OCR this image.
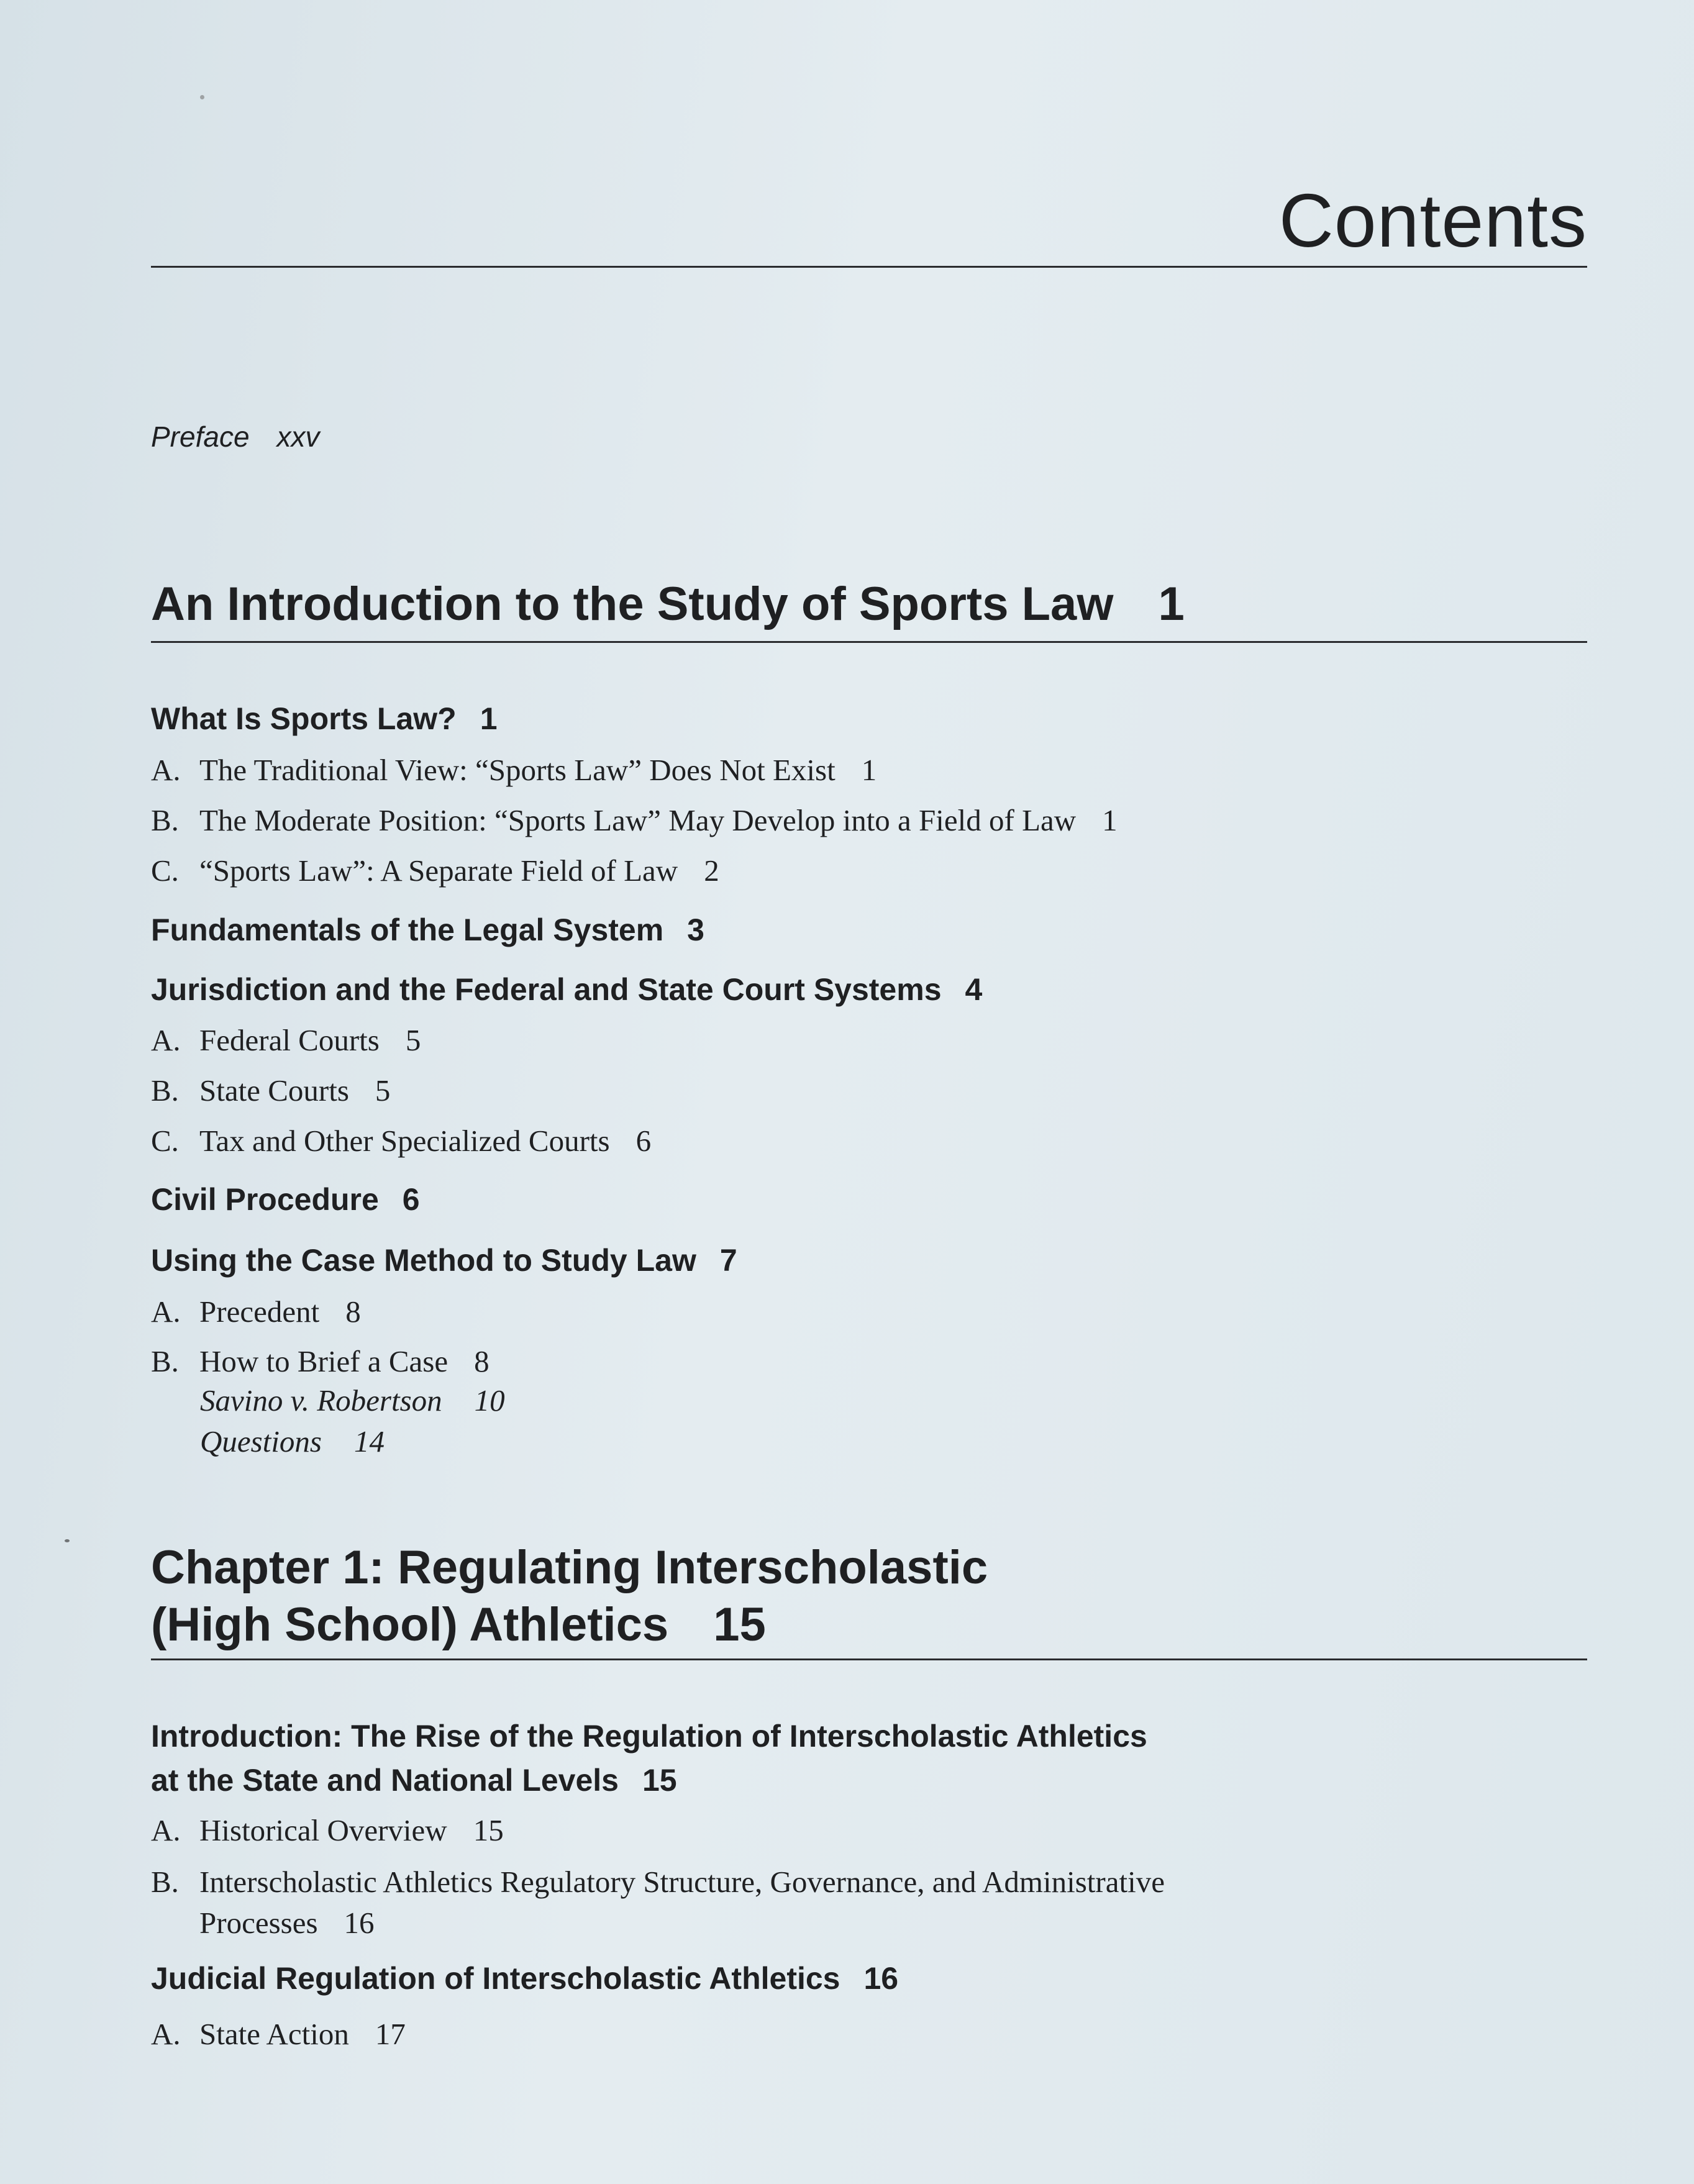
Contents
Preface xxv
An Introduction to the Study of Sports Law 1
What Is Sports Law? 1
A. The Traditional View: “Sports Law” Does Not Exist 1
B. The Moderate Position: “Sports Law” May Develop into a Field of Law 1
C. “Sports Law”: A Separate Field of Law 2
Fundamentals of the Legal System 3
Jurisdiction and the Federal and State Court Systems 4
A. Federal Courts 5
B. State Courts 5
C. Tax and Other Specialized Courts 6
Civil Procedure 6
Using the Case Method to Study Law 7
A. Precedent 8
B. How to Brief a Case 8
Savino v. Robertson 10
Questions 14
Chapter 1: Regulating Interscholastic
(High School) Athletics 15
Introduction: The Rise of the Regulation of Interscholastic Athletics
at the State and National Levels 15
A. Historical Overview 15
B. Interscholastic Athletics Regulatory Structure, Governance, and Administrative
Processes 16
Judicial Regulation of Interscholastic Athletics 16
A. State Action 17
